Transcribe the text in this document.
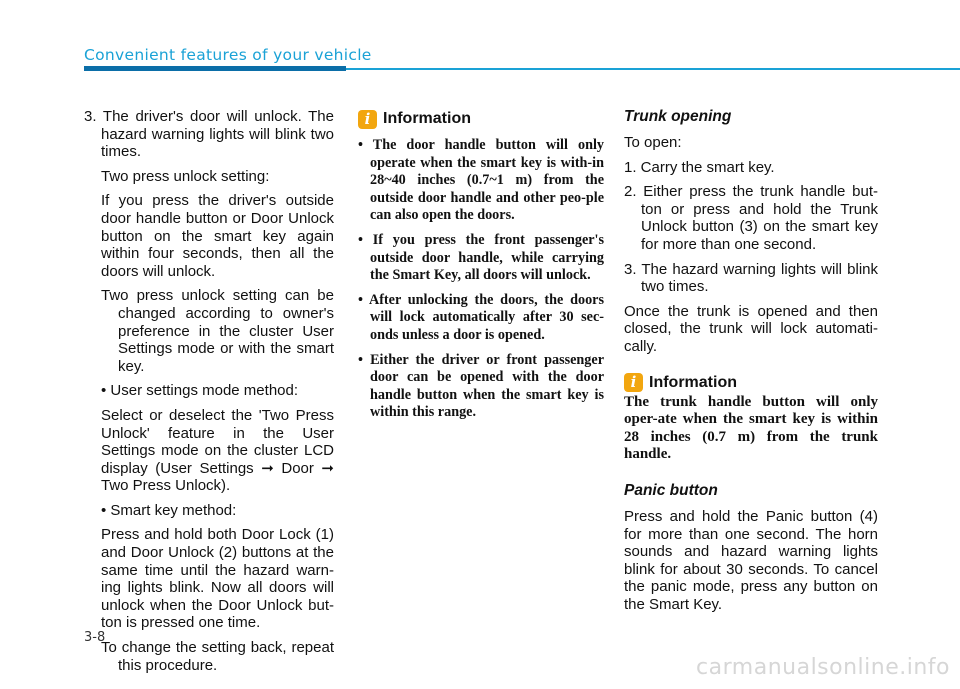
Convenient features of your vehicle

3. The driver's door will unlock. The hazard warning lights will blink two times.

Two press unlock setting:

If you press the driver's outside door handle button or Door Unlock button on the smart key again within four seconds, then all the doors will unlock.

Two press unlock setting can be changed according to owner's preference in the cluster User Settings mode or with the smart key.

• User settings mode method:

Select or deselect the 'Two Press Unlock' feature in the User Settings mode on the cluster LCD display (User Settings ➞ Door ➞ Two Press Unlock).

• Smart key method:

Press and hold both Door Lock (1) and Door Unlock (2) buttons at the same time until the hazard warn-ing lights blink. Now all doors will unlock when the Door Unlock but-ton is pressed one time.

To change the setting back, repeat this procedure.

i Information
• The door handle button will only operate when the smart key is with-in 28~40 inches (0.7~1 m) from the outside door handle and other peo-ple can also open the doors.
• If you press the front passenger's outside door handle, while carrying the Smart Key, all doors will unlock.
• After unlocking the doors, the doors will lock automatically after 30 sec-onds unless a door is opened.
• Either the driver or front passenger door can be opened with the door handle button when the smart key is within this range.
Trunk opening

To open:

1. Carry the smart key.

2. Either press the trunk handle but-ton or press and hold the Trunk Unlock button (3) on the smart key for more than one second.

3. The hazard warning lights will blink two times.

Once the trunk is opened and then closed, the trunk will lock automati-cally.

i Information

The trunk handle button will only oper-ate when the smart key is within 28 inches (0.7 m) from the trunk handle.

Panic button

Press and hold the Panic button (4) for more than one second. The horn sounds and hazard warning lights blink for about 30 seconds. To cancel the panic mode, press any button on the Smart Key.

3-8
carmanualsonline.info
